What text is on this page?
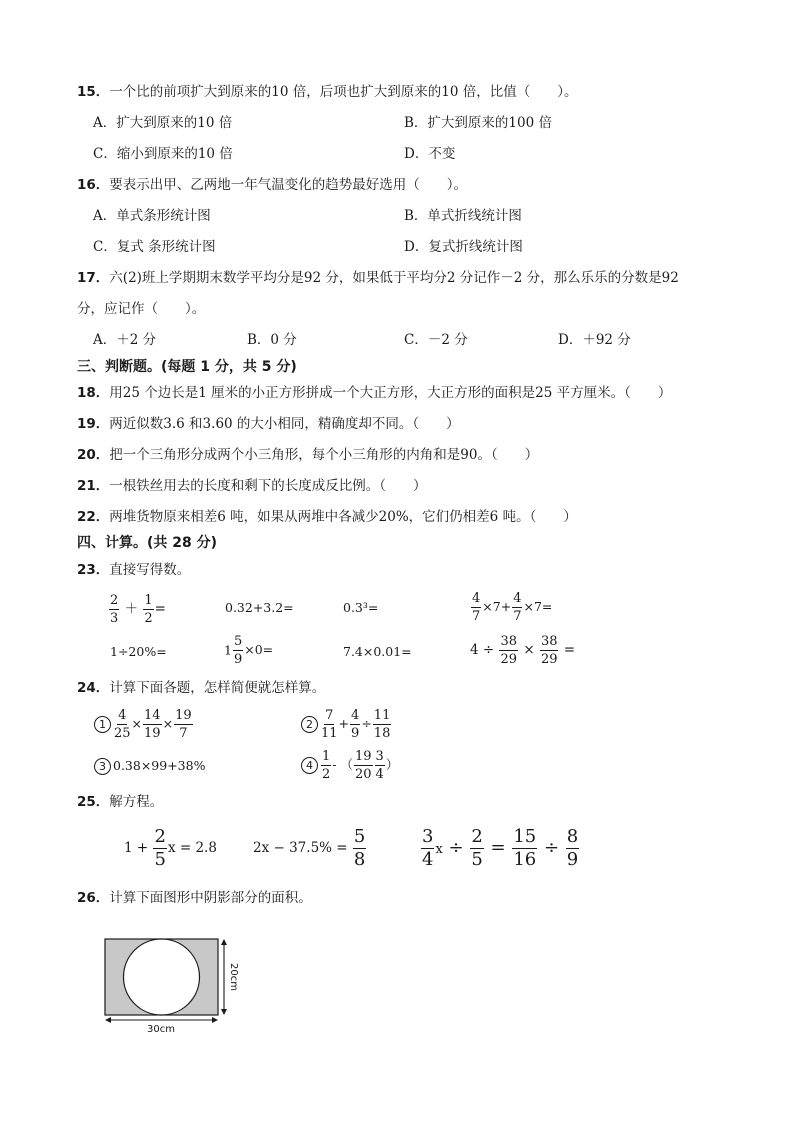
15．一个比的前项扩大到原来的10 倍，后项也扩大到原来的10 倍，比值（　　）。
A．扩大到原来的10 倍	B．扩大到原来的100 倍
C．缩小到原来的10 倍	D．不变
16．要表示出甲、乙两地一年气温变化的趋势最好选用（　　）。
A．单式条形统计图	B．单式折线统计图
C．复式 条形统计图	D．复式折线统计图
17．六(2)班上学期期末数学平均分是92 分，如果低于平均分2 分记作－2 分，那么乐乐的分数是92
分，应记作（　　）。
A．＋2 分	B．0 分	C．－2 分	D．＋92 分
三、判断题。(每题 1 分，共 5 分)
18．用25 个边长是1 厘米的小正方形拼成一个大正方形，大正方形的面积是25 平方厘米。（　　）
19．两近似数3.6 和3.60 的大小相同，精确度却不同。（　　）
20．把一个三角形分成两个小三角形，每个小三角形的内角和是90。（　　）
21．一根铁丝用去的长度和剩下的长度成反比例。（　　）
22．两堆货物原来相差6 吨，如果从两堆中各减少20%，它们仍相差6 吨。（　　）
四、计算。(共 28 分)
23．直接写得数。
$\frac{2}{3} + \frac{1}{2}$ =	0.32+3.2=	0.3³=	$\frac{4}{7} \times 7+ \frac{4}{7} \times 7=$
1÷20%=	$1 \frac{5}{9} \times 0=$	7.4×0.01=	$4 \div \frac{38}{29} \times \frac{38}{29}$ =
24．计算下面各题，怎样简便就怎样算。
$1 \frac{4}{25} \times \frac{14}{19} \times \frac{19}{7}$	$2 \frac{7}{11} + \frac{4}{9} \div \frac{11}{18}$
3 0.38×99+38%	$4 \frac{1}{2}$ - （ $\frac{19}{20} \frac{3}{4}$ ）
25．解方程。
$1 + \frac{2}{5}$ x = 2.8	$2x - 37.5\% = \frac{5}{8}$	$\frac{3}{4}$ $x \div \frac{2}{5} = \frac{15}{16} \div \frac{8}{9}$
26．计算下面图形中阴影部分的面积。
30cm
20cm
